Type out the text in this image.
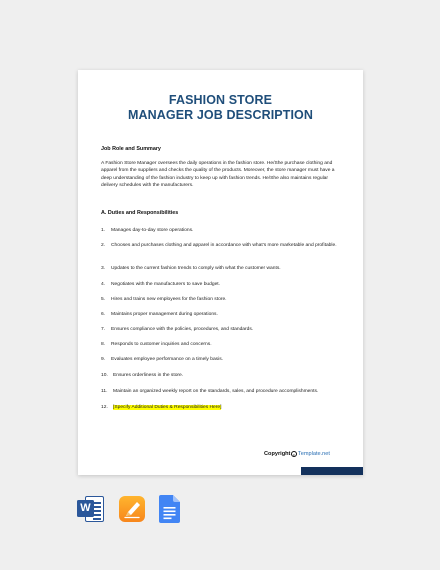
FASHION STORE
MANAGER JOB DESCRIPTION
Job Role and Summary
A Fashion Store Manager oversees the daily operations in the fashion store. He/She purchase clothing and apparel from the suppliers and checks the quality of the products. Moreover, the store manager must have a deep understanding of the fashion industry to keep up with fashion trends. He/She also maintains regular delivery schedules with the manufacturers.
A. Duties and Responsibilities
1.	Manages day-to-day store operations.
2.	Chooses and purchases clothing and apparel in accordance with what’s more marketable and profitable.
3.	Updates to the current fashion trends to comply with what the customer wants.
4.	Negotiates with the manufacturers to save budget.
5.	Hires and trains new employees for the fashion store.
6.	Maintains proper management during operations.
7.	Ensures compliance with the policies, procedures, and standards.
8.	Responds to customer inquiries and concerns.
9.	Evaluates employee performance on a timely basis.
10.	Ensures orderliness in the store.
11.	Maintain an organized weekly report on the standards, sales, and procedure accomplishments.
12.	[Specify Additional Duties & Responsibilities Here]
Copyright c Template.net
W
